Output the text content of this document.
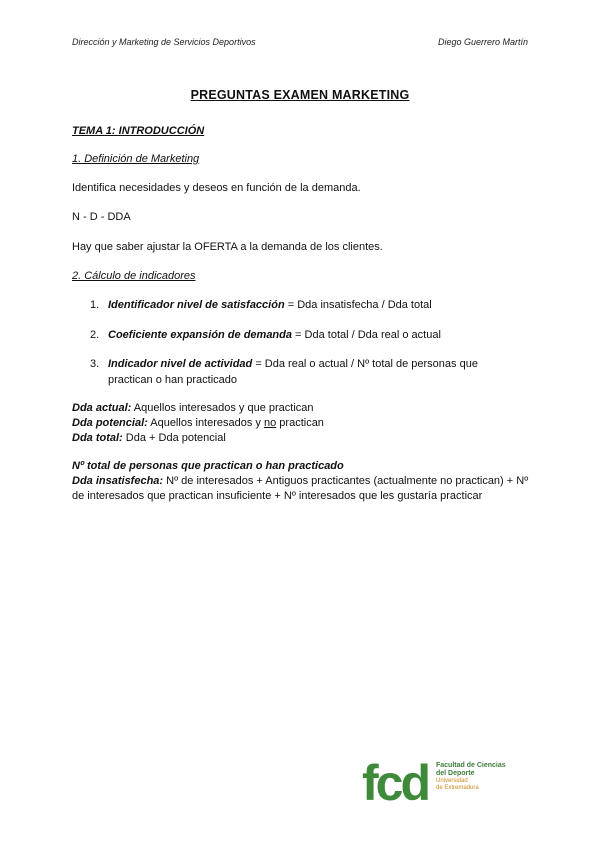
Dirección y Marketing de Servicios Deportivos	Diego Guerrero Martín
PREGUNTAS EXAMEN MARKETING
TEMA 1: INTRODUCCIÓN
1. Definición de Marketing
Identifica necesidades y deseos en función de la demanda.
N - D - DDA
Hay que saber ajustar la OFERTA a la demanda de los clientes.
2. Cálculo de indicadores
1. Identificador nivel de satisfacción = Dda insatisfecha / Dda total
2. Coeficiente expansión de demanda = Dda total / Dda real o actual
3. Indicador nivel de actividad = Dda real o actual / Nº total de personas que practican o han practicado
Dda actual: Aquellos interesados y que practican
Dda potencial: Aquellos interesados y no practican
Dda total: Dda + Dda potencial
Nº total de personas que practican o han practicado
Dda insatisfecha: Nº de interesados + Antiguos practicantes (actualmente no practican) + Nº de interesados que practican insuficiente + Nº interesados que les gustaría practicar
fcd Facultad de Ciencias
del Deporte
Universidad
de Extremadura
